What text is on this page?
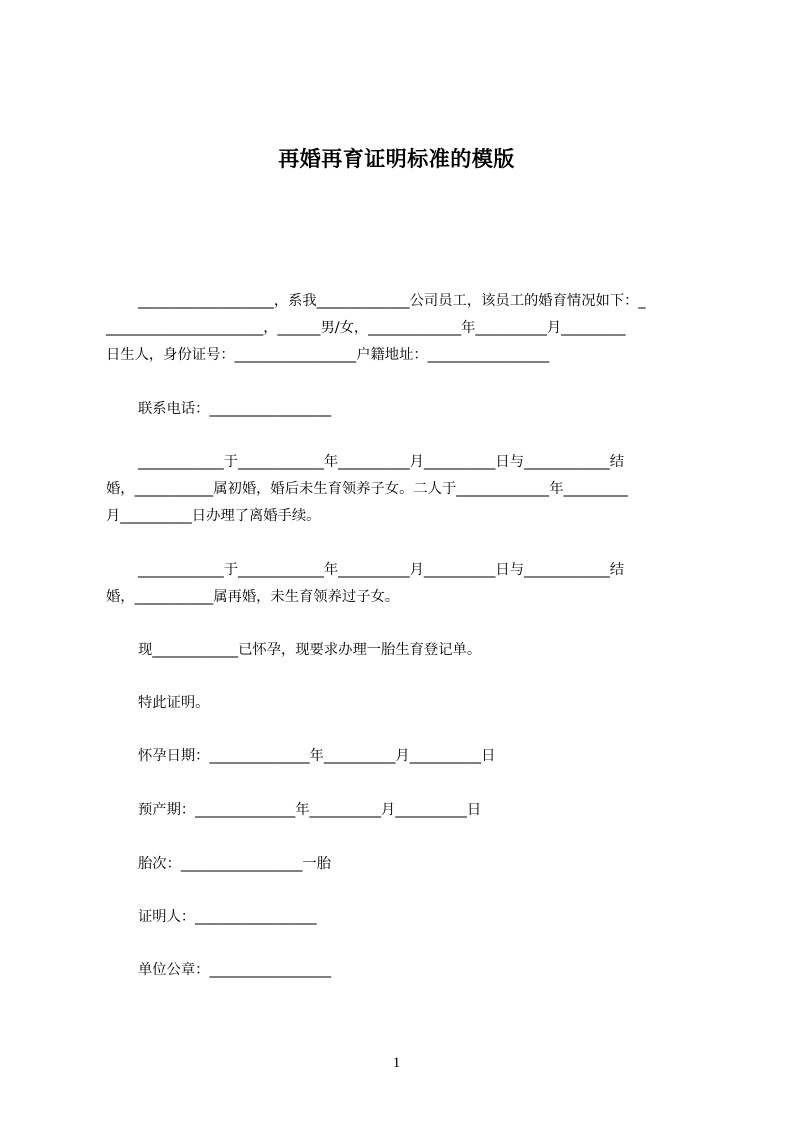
再婚再育证明标准的模版
___________________，系我_____________公司员工，该员工的婚育情况如下：_
______________________，______男/女，_____________年__________月_________
日生人，身份证号：_________________户籍地址：_________________
联系电话：_________________
____________于____________年__________月__________日与____________结
婚，___________属初婚，婚后未生育领养子女。二人于_____________年_________
月__________日办理了离婚手续。
____________于____________年__________月__________日与____________结
婚，___________属再婚，未生育领养过子女。
现____________已怀孕，现要求办理一胎生育登记单。
特此证明。
怀孕日期：______________年__________月__________日
预产期：______________年__________月__________日
胎次：_________________一胎
证明人：_________________
单位公章：_________________
1
